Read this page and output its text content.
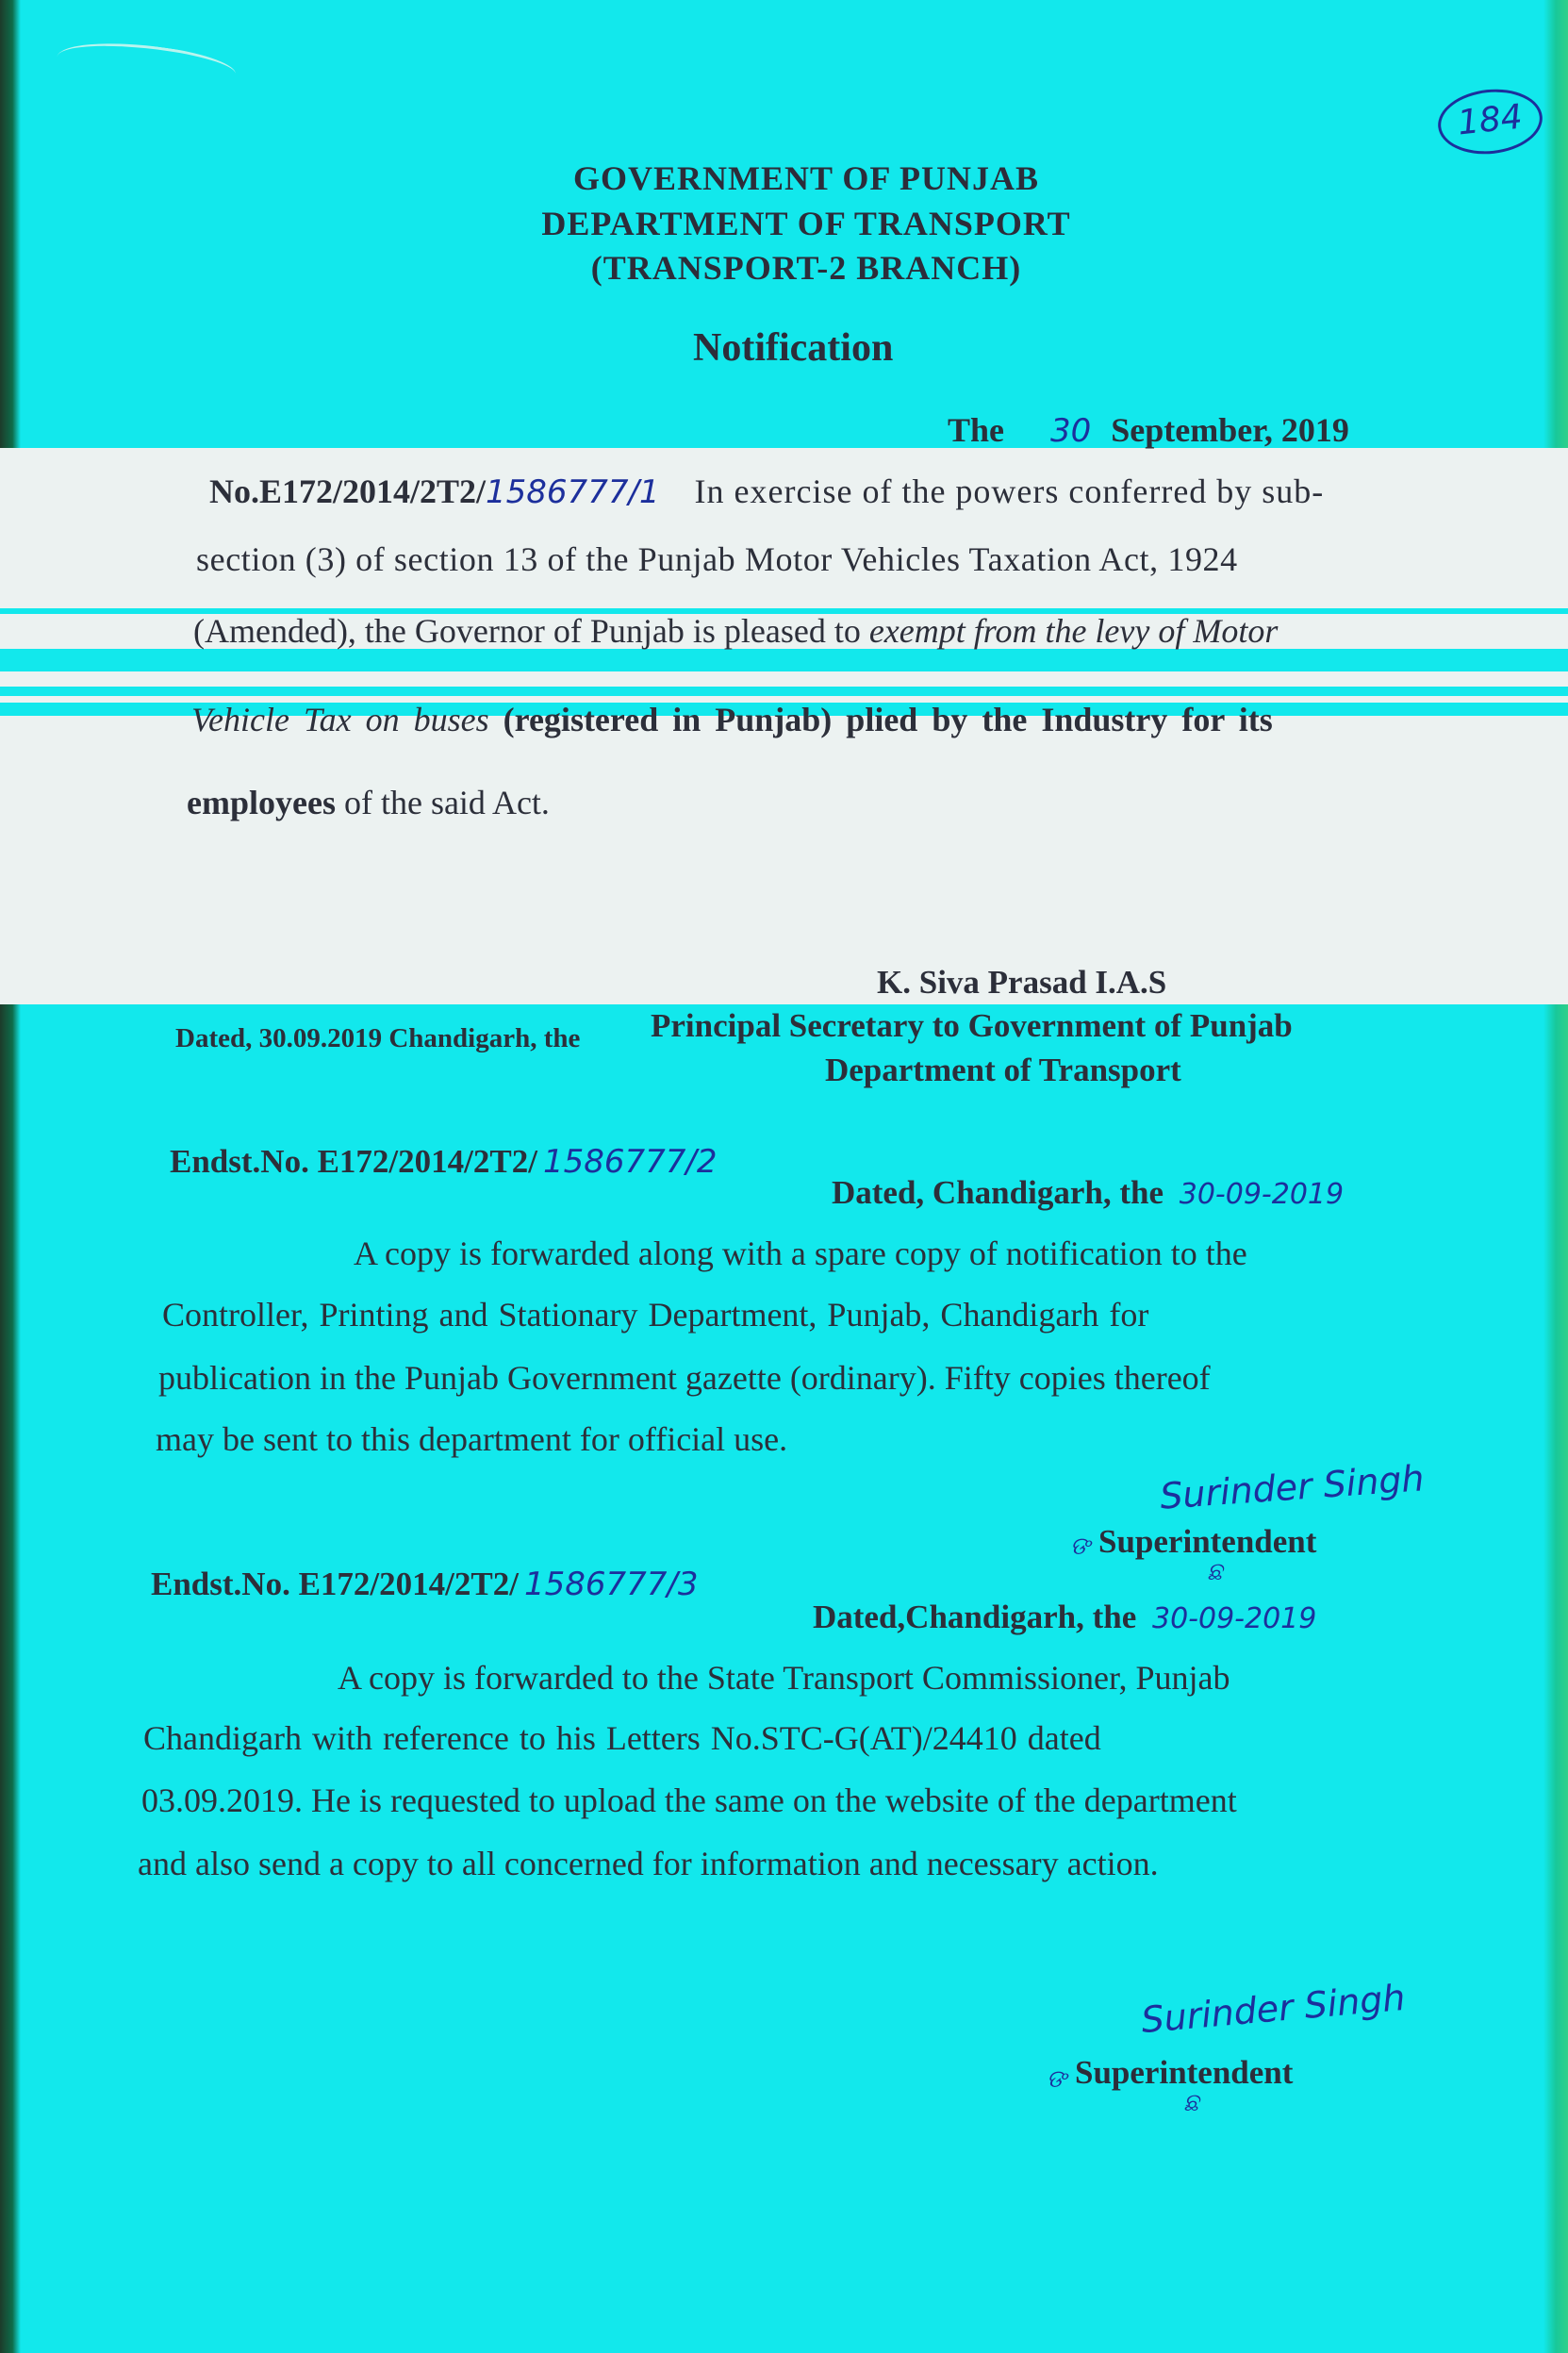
184
GOVERNMENT OF PUNJAB
DEPARTMENT OF TRANSPORT
(TRANSPORT-2 BRANCH)
Notification
The 30 September, 2019
No.E172/2014/2T2/1586777/1 In exercise of the powers conferred by sub-
section (3) of section 13 of the Punjab Motor Vehicles Taxation Act, 1924
(Amended), the Governor of Punjab is pleased to exempt from the levy of Motor
Vehicle Tax on buses (registered in Punjab) plied by the Industry for its
employees of the said Act.
K. Siva Prasad I.A.S
Principal Secretary to Government of Punjab
Department of Transport
Dated, 30.09.2019 Chandigarh, the
Endst.No. E172/2014/2T2/ 1586777/2
Dated, Chandigarh, the 30-09-2019
A copy is forwarded along with a spare copy of notification to the
Controller, Printing and Stationary Department, Punjab, Chandigarh for
publication in the Punjab Government gazette (ordinary). Fifty copies thereof
may be sent to this department for official use.
Surinder Singh
ଙ Superintendent
ଛ
Endst.No. E172/2014/2T2/ 1586777/3
Dated,Chandigarh, the 30-09-2019
A copy is forwarded to the State Transport Commissioner, Punjab
Chandigarh with reference to his Letters No.STC-G(AT)/24410 dated
03.09.2019. He is requested to upload the same on the website of the department
and also send a copy to all concerned for information and necessary action.
Surinder Singh
ଙ Superintendent
ଛ
